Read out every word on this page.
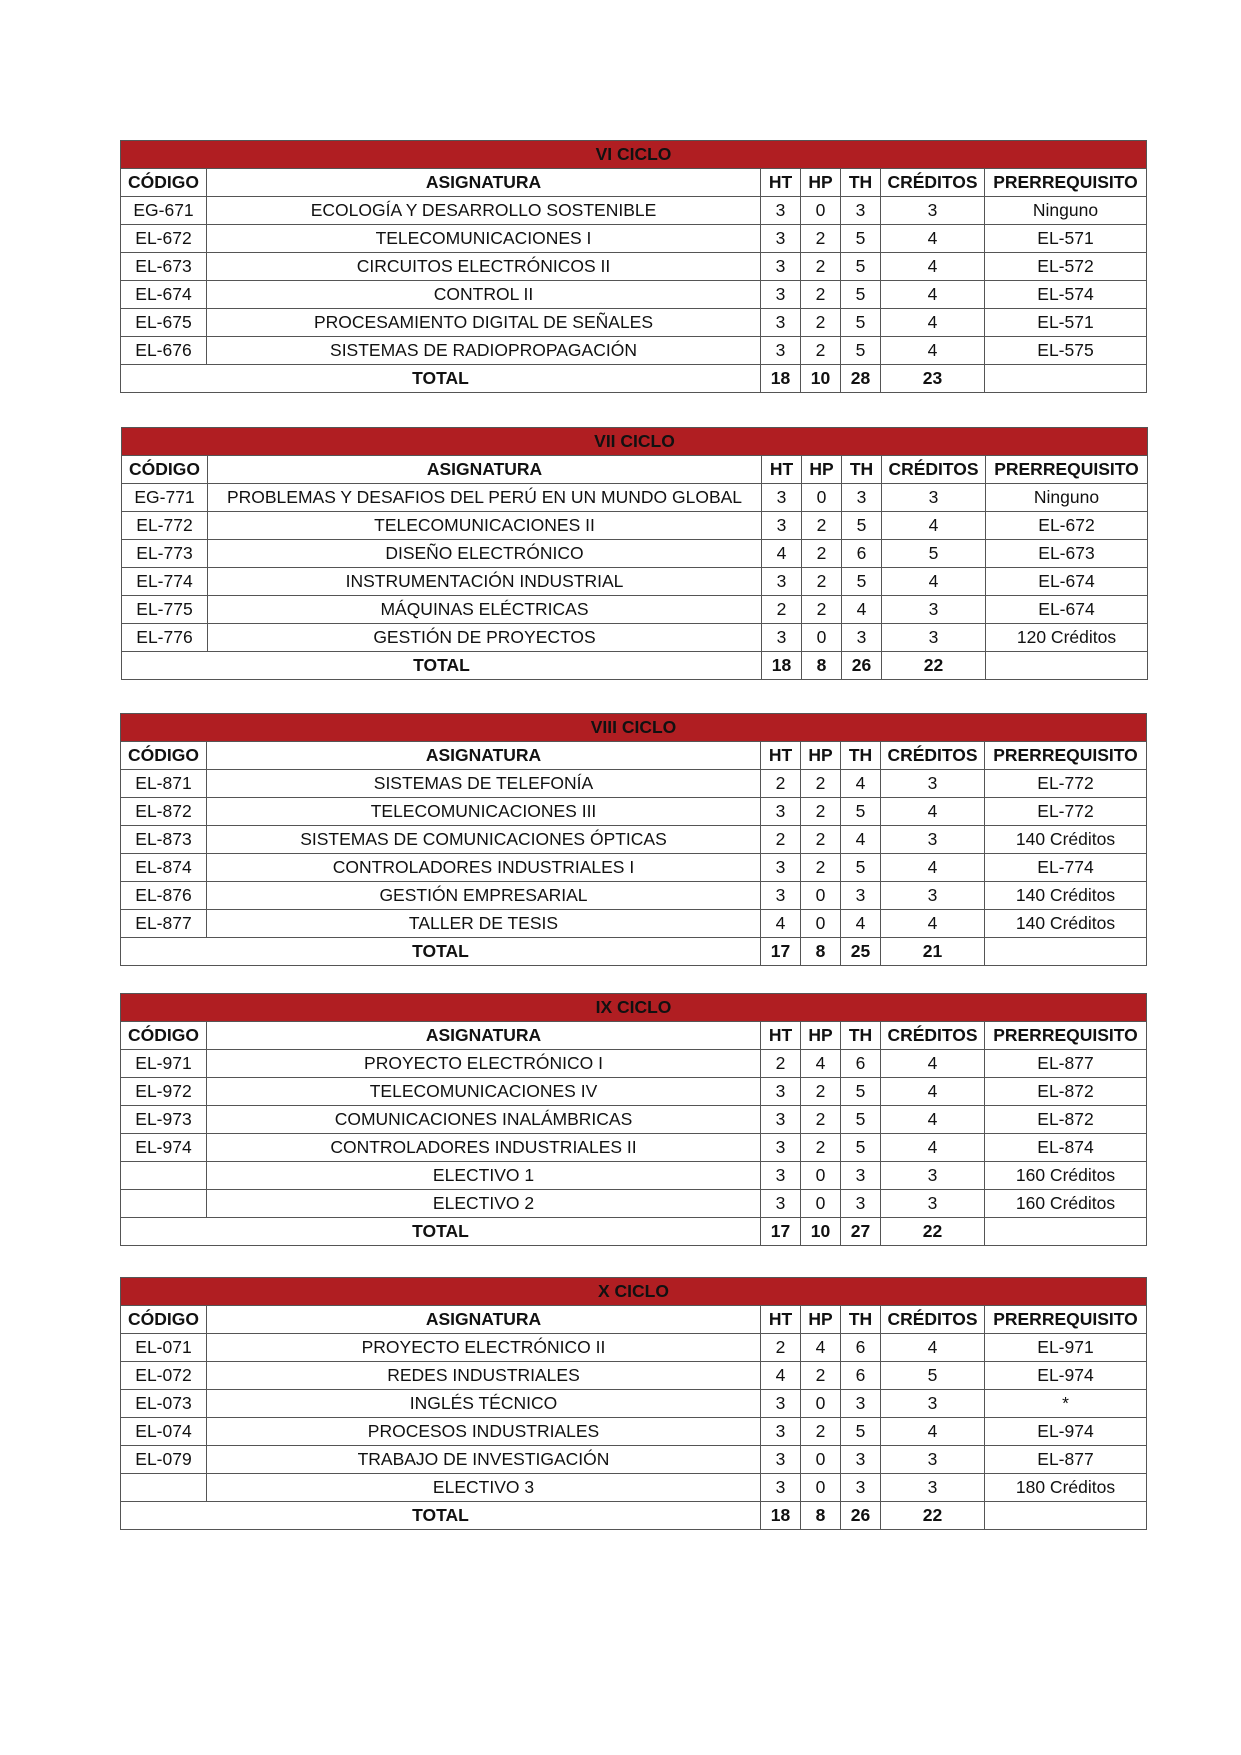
VI CICLO						
CÓDIGO	ASIGNATURA	HT	HP	TH	CRÉDITOS	PRERREQUISITO
EG-671	ECOLOGÍA Y DESARROLLO SOSTENIBLE	3	0	3	3	Ninguno
EL-672	TELECOMUNICACIONES I	3	2	5	4	EL-571
EL-673	CIRCUITOS ELECTRÓNICOS II	3	2	5	4	EL-572
EL-674	CONTROL II	3	2	5	4	EL-574
EL-675	PROCESAMIENTO DIGITAL DE SEÑALES	3	2	5	4	EL-571
EL-676	SISTEMAS DE RADIOPROPAGACIÓN	3	2	5	4	EL-575
TOTAL		18	10	28	23	
VII CICLO						
CÓDIGO	ASIGNATURA	HT	HP	TH	CRÉDITOS	PRERREQUISITO
EG-771	PROBLEMAS Y DESAFIOS DEL PERÚ EN UN MUNDO GLOBAL	3	0	3	3	Ninguno
EL-772	TELECOMUNICACIONES II	3	2	5	4	EL-672
EL-773	DISEÑO ELECTRÓNICO	4	2	6	5	EL-673
EL-774	INSTRUMENTACIÓN INDUSTRIAL	3	2	5	4	EL-674
EL-775	MÁQUINAS ELÉCTRICAS	2	2	4	3	EL-674
EL-776	GESTIÓN DE PROYECTOS	3	0	3	3	120 Créditos
TOTAL		18	8	26	22	
VIII CICLO						
CÓDIGO	ASIGNATURA	HT	HP	TH	CRÉDITOS	PRERREQUISITO
EL-871	SISTEMAS DE TELEFONÍA	2	2	4	3	EL-772
EL-872	TELECOMUNICACIONES III	3	2	5	4	EL-772
EL-873	SISTEMAS DE COMUNICACIONES ÓPTICAS	2	2	4	3	140 Créditos
EL-874	CONTROLADORES INDUSTRIALES I	3	2	5	4	EL-774
EL-876	GESTIÓN EMPRESARIAL	3	0	3	3	140 Créditos
EL-877	TALLER DE TESIS	4	0	4	4	140 Créditos
TOTAL		17	8	25	21	
IX CICLO						
CÓDIGO	ASIGNATURA	HT	HP	TH	CRÉDITOS	PRERREQUISITO
EL-971	PROYECTO ELECTRÓNICO I	2	4	6	4	EL-877
EL-972	TELECOMUNICACIONES IV	3	2	5	4	EL-872
EL-973	COMUNICACIONES INALÁMBRICAS	3	2	5	4	EL-872
EL-974	CONTROLADORES INDUSTRIALES II	3	2	5	4	EL-874
	ELECTIVO 1	3	0	3	3	160 Créditos
	ELECTIVO 2	3	0	3	3	160 Créditos
TOTAL		17	10	27	22	
X CICLO						
CÓDIGO	ASIGNATURA	HT	HP	TH	CRÉDITOS	PRERREQUISITO
EL-071	PROYECTO ELECTRÓNICO II	2	4	6	4	EL-971
EL-072	REDES INDUSTRIALES	4	2	6	5	EL-974
EL-073	INGLÉS TÉCNICO	3	0	3	3	*
EL-074	PROCESOS INDUSTRIALES	3	2	5	4	EL-974
EL-079	TRABAJO DE INVESTIGACIÓN	3	0	3	3	EL-877
	ELECTIVO 3	3	0	3	3	180 Créditos
TOTAL		18	8	26	22	
